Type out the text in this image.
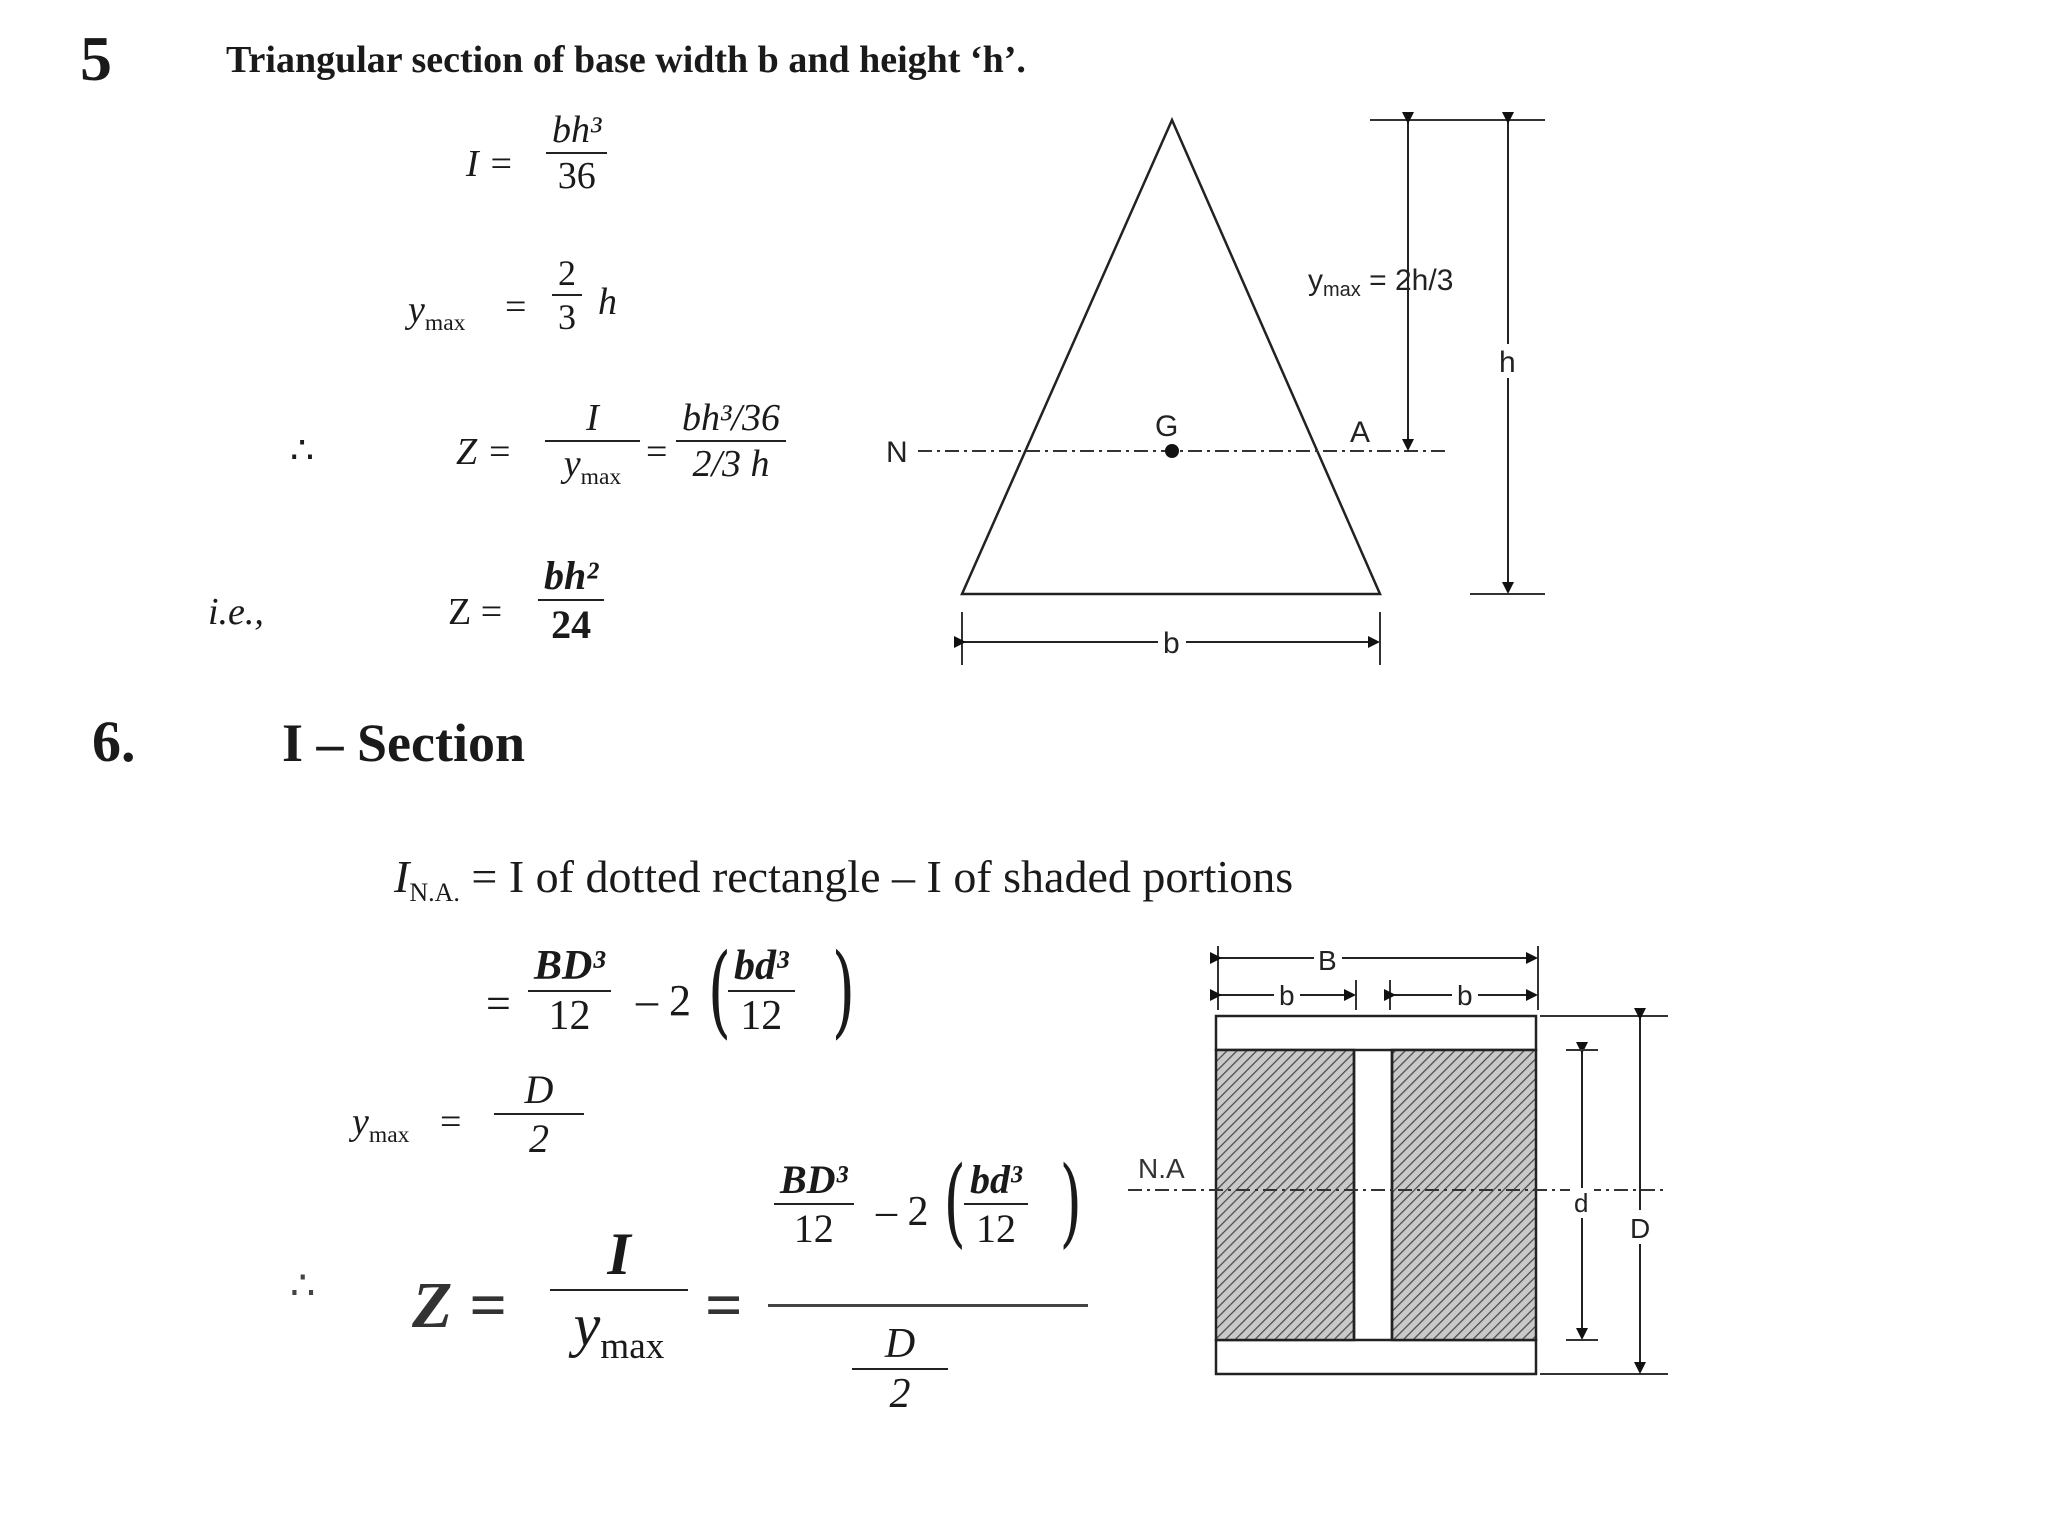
5	Triangular section of base width b and height ‘h’.
$I = \frac{\text{bh³}}{36}$
$y_{max} = \frac{2}{3}$ h
∴	Z =
I
$y_{max}$
= $\frac{\text{bh³/36}}{2/3 h}$
i.e.,	$Z = \frac{\text{bh²}}{24}$
N
G	A
$y_{max} = 2h/3$
h
b
6.	I – Section
$I_{N.A.} = I$ of dotted rectangle – I of shaded portions
= $\frac{\text{BD³}}{12} - 2$ (
$\frac{\text{bd³}}{12}$ )
$y_{max} = \frac{D}{2}$
∴ Z =
I
$y_{max}$
=
$\frac{\text{BD³}}{12} - 2$ (
$\frac{\text{bd³}}{12}$ )
$\frac{D}{2}$
N.A
B
b	b
d
D
